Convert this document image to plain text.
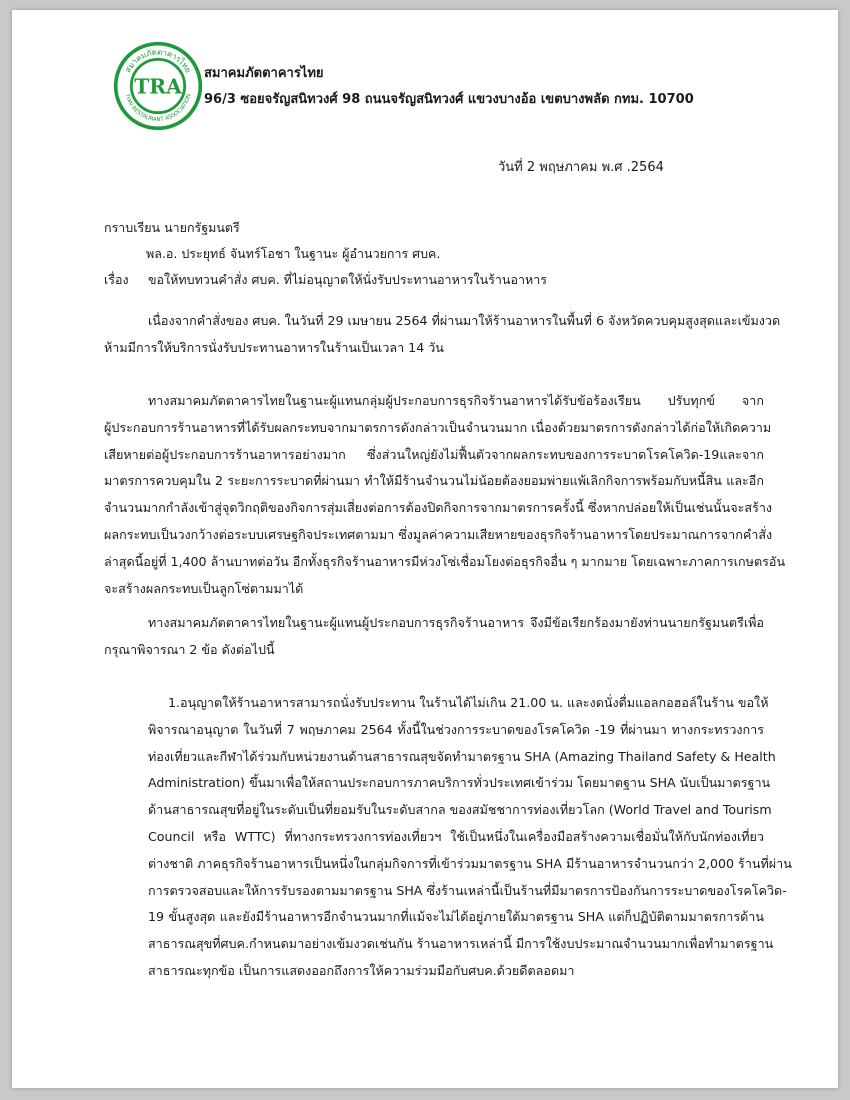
สมาคมภัตตาคารไทย
THAI RESTAURANT ASSOCIATION
TRA
สมาคมภัตตาคารไทย
96/3 ซอยจรัญสนิทวงศ์ 98 ถนนจรัญสนิทวงศ์ แขวงบางอ้อ เขตบางพลัด กทม. 10700
วันที่ 2 พฤษภาคม พ.ศ .2564
กราบเรียน นายกรัฐมนตรี
พล.อ. ประยุทธ์ จันทร์โอชา ในฐานะ ผู้อำนวยการ ศบค.
เรื่อง ขอให้ทบทวนคำสั่ง ศบค. ที่ไม่อนุญาตให้นั่งรับประทานอาหารในร้านอาหาร

เนื่องจากคำสั่งของ ศบค. ในวันที่ 29 เมษายน 2564 ที่ผ่านมาให้ร้านอาหารในพื้นที่ 6 จังหวัดควบคุมสูงสุดและเข้มงวด

ห้ามมีการให้บริการนั่งรับประทานอาหารในร้านเป็นเวลา 14 วัน

ทางสมาคมภัตตาคารไทยในฐานะผู้แทนกลุ่มผู้ประกอบการธุรกิจร้านอาหารได้รับข้อร้องเรียน ปรับทุกข์ จาก

ผู้ประกอบการร้านอาหารที่ได้รับผลกระทบจากมาตรการดังกล่าวเป็นจำนวนมาก เนื่องด้วยมาตรการดังกล่าวได้ก่อให้เกิดความ

เสียหายต่อผู้ประกอบการร้านอาหารอย่างมาก ซึ่งส่วนใหญ่ยังไม่ฟื้นตัวจากผลกระทบของการระบาดโรคโควิด-19และจาก

มาตรการควบคุมใน 2 ระยะการระบาดที่ผ่านมา ทำให้มีร้านจำนวนไม่น้อยต้องยอมพ่ายแพ้เลิกกิจการพร้อมกับหนี้สิน และอีก

จำนวนมากกำลังเข้าสู่จุดวิกฤติของกิจการสุ่มเสี่ยงต่อการต้องปิดกิจการจากมาตรการครั้งนี้ ซึ่งหากปล่อยให้เป็นเช่นนั้นจะสร้าง

ผลกระทบเป็นวงกว้างต่อระบบเศรษฐกิจประเทศตามมา ซึ่งมูลค่าความเสียหายของธุรกิจร้านอาหารโดยประมาณการจากคำสั่ง

ล่าสุดนี้อยู่ที่ 1,400 ล้านบาทต่อวัน อีกทั้งธุรกิจร้านอาหารมีห่วงโซ่เชื่อมโยงต่อธุรกิจอื่น ๆ มากมาย โดยเฉพาะภาคการเกษตรอัน

จะสร้างผลกระทบเป็นลูกโซ่ตามมาได้

ทางสมาคมภัตตาคารไทยในฐานะผู้แทนผู้ประกอบการธุรกิจร้านอาหาร จึงมีข้อเรียกร้องมายังท่านนายกรัฐมนตรีเพื่อ

กรุณาพิจารณา 2 ข้อ ดังต่อไปนี้

1.อนุญาตให้ร้านอาหารสามารถนั่งรับประทาน ในร้านได้ไม่เกิน 21.00 น. และงดนั่งดื่มแอลกอฮอล์ในร้าน ขอให้

พิจารณาอนุญาต ในวันที่ 7 พฤษภาคม 2564 ทั้งนี้ในช่วงการระบาดของโรคโควิด -19 ที่ผ่านมา ทางกระทรวงการ

ท่องเที่ยวและกีฬาได้ร่วมกับหน่วยงานด้านสาธารณสุขจัดทำมาตรฐาน SHA (Amazing Thailand Safety & Health

Administration) ขึ้นมาเพื่อให้สถานประกอบการภาคบริการทั่วประเทศเข้าร่วม โดยมาตฐาน SHA นับเป็นมาตรฐาน

ด้านสาธารณสุขที่อยู่ในระดับเป็นที่ยอมรับในระดับสากล ของสมัชชาการท่องเที่ยวโลก (World Travel and Tourism

Council หรือ WTTC) ที่ทางกระทรวงการท่องเที่ยวฯ ใช้เป็นหนึ่งในเครื่องมือสร้างความเชื่อมั่นให้กับนักท่องเที่ยว

ต่างชาติ ภาคธุรกิจร้านอาหารเป็นหนึ่งในกลุ่มกิจการที่เข้าร่วมมาตรฐาน SHA มีร้านอาหารจำนวนกว่า 2,000 ร้านที่ผ่าน

การตรวจสอบและให้การรับรองตามมาตรฐาน SHA ซึ่งร้านเหล่านี้เป็นร้านที่มีมาตรการป้องกันการระบาดของโรคโควิด-

19 ขั้นสูงสุด และยังมีร้านอาหารอีกจำนวนมากที่แม้จะไม่ได้อยู่ภายใต้มาตรฐาน SHA แต่ก็ปฏิบัติตามมาตรการด้าน

สาธารณสุขที่ศบค.กำหนดมาอย่างเข้มงวดเช่นกัน ร้านอาหารเหล่านี้ มีการใช้งบประมาณจำนวนมากเพื่อทำมาตรฐาน

สาธารณะทุกข้อ เป็นการแสดงออกถึงการให้ความร่วมมือกับศบค.ด้วยดีตลอดมา
